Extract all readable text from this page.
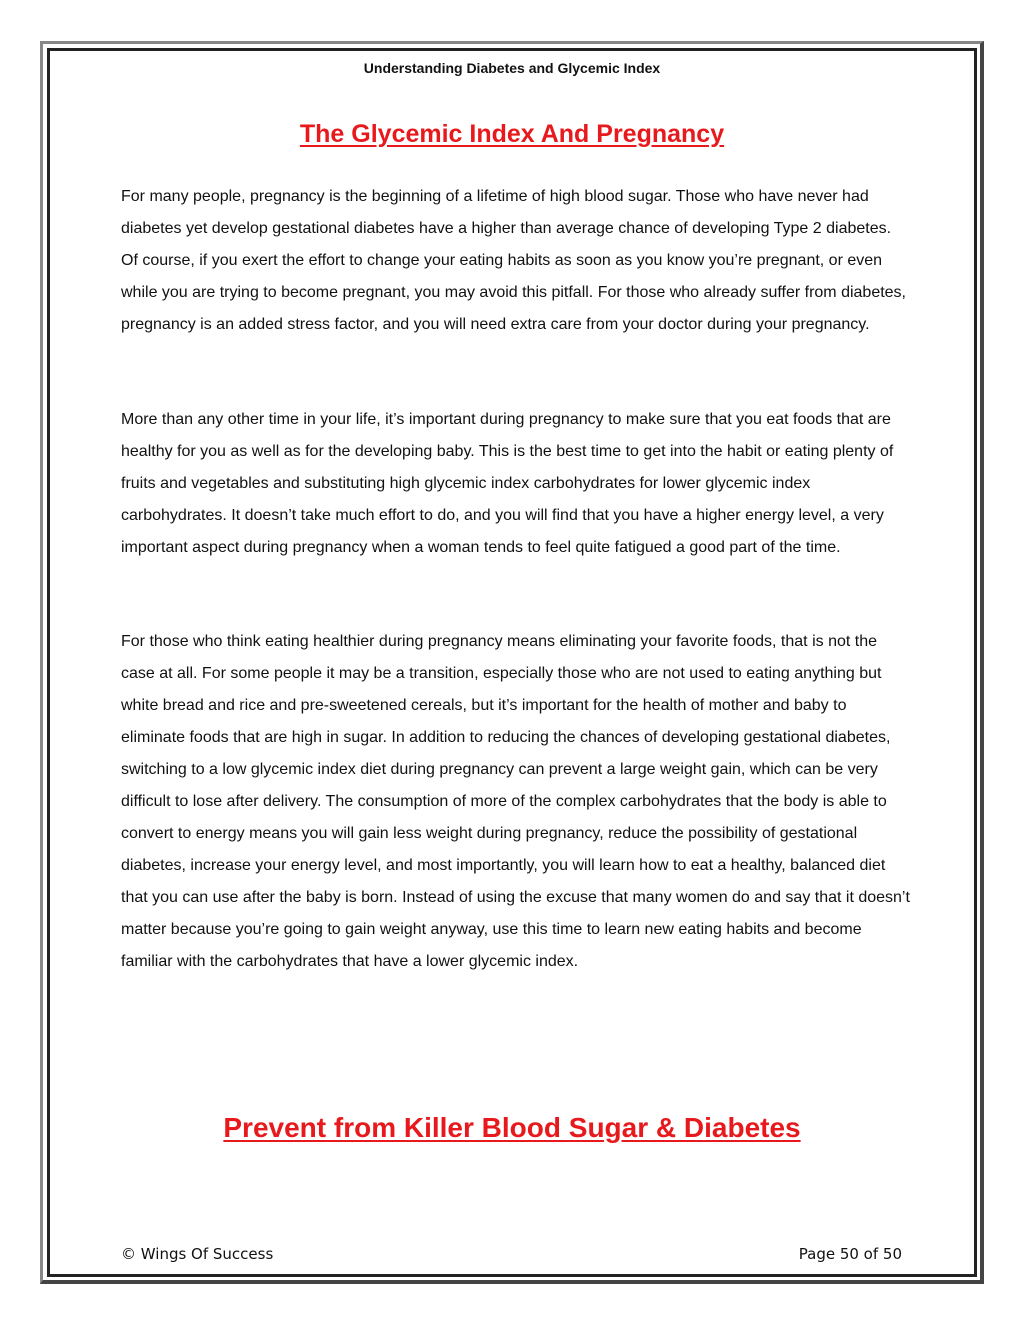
Understanding Diabetes and Glycemic Index
The Glycemic Index And Pregnancy

For many people, pregnancy is the beginning of a lifetime of high blood sugar. Those who have never had diabetes yet develop gestational diabetes have a higher than average chance of developing Type 2 diabetes. Of course, if you exert the effort to change your eating habits as soon as you know you’re pregnant, or even while you are trying to become pregnant, you may avoid this pitfall. For those who already suffer from diabetes, pregnancy is an added stress factor, and you will need extra care from your doctor during your pregnancy.

More than any other time in your life, it’s important during pregnancy to make sure that you eat foods that are healthy for you as well as for the developing baby. This is the best time to get into the habit or eating plenty of fruits and vegetables and substituting high glycemic index carbohydrates for lower glycemic index carbohydrates. It doesn’t take much effort to do, and you will find that you have a higher energy level, a very important aspect during pregnancy when a woman tends to feel quite fatigued a good part of the time.

For those who think eating healthier during pregnancy means eliminating your favorite foods, that is not the case at all. For some people it may be a transition, especially those who are not used to eating anything but white bread and rice and pre-sweetened cereals, but it’s important for the health of mother and baby to eliminate foods that are high in sugar. In addition to reducing the chances of developing gestational diabetes, switching to a low glycemic index diet during pregnancy can prevent a large weight gain, which can be very difficult to lose after delivery. The consumption of more of the complex carbohydrates that the body is able to convert to energy means you will gain less weight during pregnancy, reduce the possibility of gestational diabetes, increase your energy level, and most importantly, you will learn how to eat a healthy, balanced diet that you can use after the baby is born. Instead of using the excuse that many women do and say that it doesn’t matter because you’re going to gain weight anyway, use this time to learn new eating habits and become familiar with the carbohydrates that have a lower glycemic index.

Prevent from Killer Blood Sugar & Diabetes
© Wings Of Success	Page 50 of 50
